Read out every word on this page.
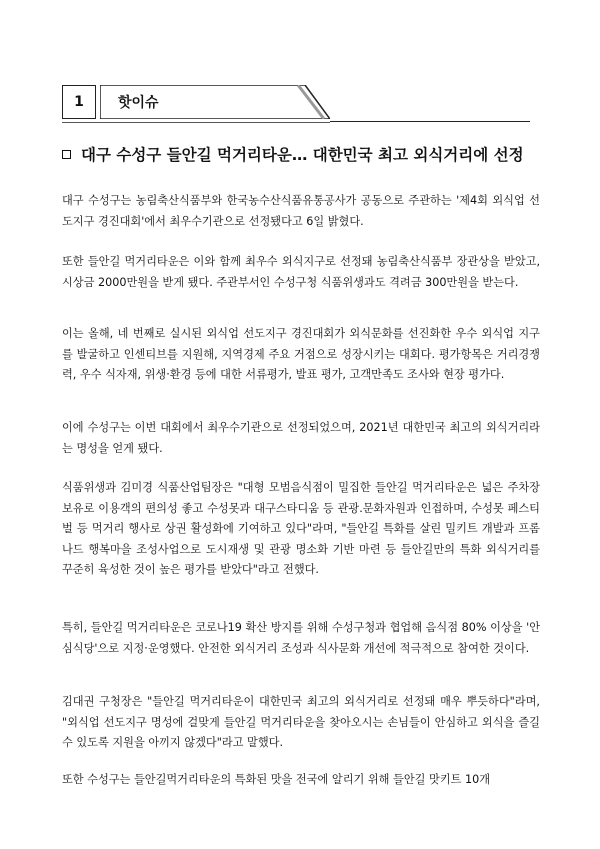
1	핫이슈
대구 수성구 들안길 먹거리타운… 대한민국 최고 외식거리에 선정

대구 수성구는 농림축산식품부와 한국농수산식품유통공사가 공동으로 주관하는 '제4회 외식업 선도지구 경진대회'에서 최우수기관으로 선정됐다고 6일 밝혔다.

또한 들안길 먹거리타운은 이와 함께 최우수 외식지구로 선정돼 농림축산식품부 장관상을 받았고, 시상금 2000만원을 받게 됐다. 주관부서인 수성구청 식품위생과도 격려금 300만원을 받는다.

이는 올해, 네 번째로 실시된 외식업 선도지구 경진대회가 외식문화를 선진화한 우수 외식업 지구를 발굴하고 인센티브를 지원해, 지역경제 주요 거점으로 성장시키는 대회다. 평가항목은 거리경쟁력, 우수 식자재, 위생·환경 등에 대한 서류평가, 발표 평가, 고객만족도 조사와 현장 평가다.

이에 수성구는 이번 대회에서 최우수기관으로 선정되었으며, 2021년 대한민국 최고의 외식거리라는 명성을 얻게 됐다.

식품위생과 김미경 식품산업팀장은 "대형 모범음식점이 밀집한 들안길 먹거리타운은 넓은 주차장 보유로 이용객의 편의성 좋고 수성못과 대구스타디움 등 관광.문화자원과 인접하며, 수성못 페스티벌 등 먹거리 행사로 상권 활성화에 기여하고 있다"라며, "들안길 특화를 살린 밀키트 개발과 프롬나드 행복마을 조성사업으로 도시재생 및 관광 명소화 기반 마련 등 들안길만의 특화 외식거리를 꾸준히 육성한 것이 높은 평가를 받았다"라고 전했다.

특히, 들안길 먹거리타운은 코로나19 확산 방지를 위해 수성구청과 협업해 음식점 80% 이상을 '안심식당'으로 지정·운영했다. 안전한 외식거리 조성과 식사문화 개선에 적극적으로 참여한 것이다.

김대권 구청장은 "들안길 먹거리타운이 대한민국 최고의 외식거리로 선정돼 매우 뿌듯하다"라며, "외식업 선도지구 명성에 걸맞게 들안길 먹거리타운을 찾아오시는 손님들이 안심하고 외식을 즐길 수 있도록 지원을 아끼지 않겠다"라고 말했다.

또한 수성구는 들안길먹거리타운의 특화된 맛을 전국에 알리기 위해 들안길 맛키트 10개
